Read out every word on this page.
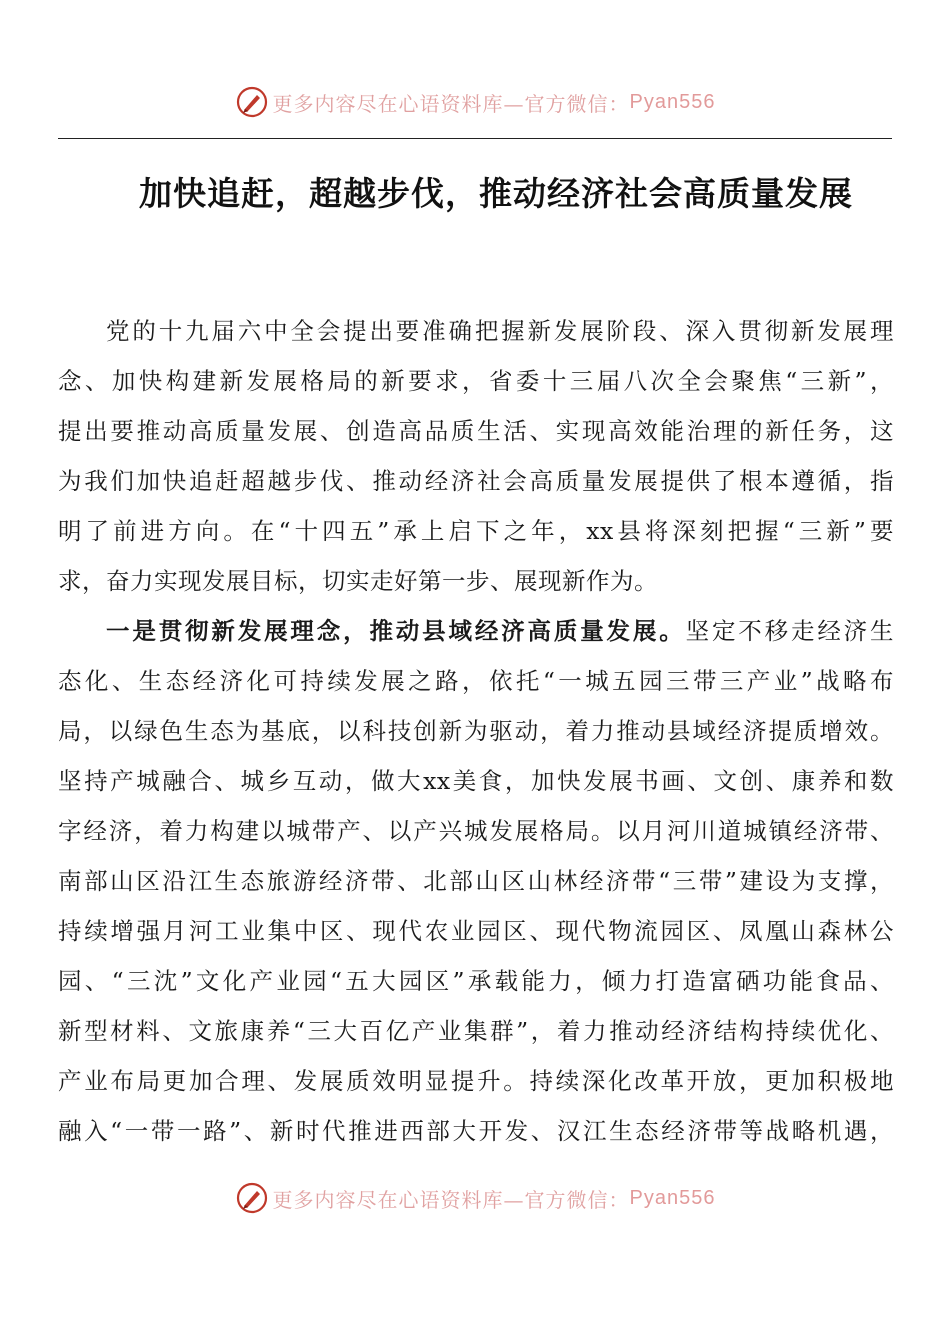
更多内容尽在心语资料库—官方微信： Pyan556
加快追赶，超越步伐，推动经济社会高质量发展
党的十九届六中全会提出要准确把握新发展阶段、深入贯彻新发展理
念、加快构建新发展格局的新要求，省委十三届八次全会聚焦“三新”，
提出要推动高质量发展、创造高品质生活、实现高效能治理的新任务，这
为我们加快追赶超越步伐、推动经济社会高质量发展提供了根本遵循，指
明了前进方向。在“十四五”承上启下之年，xx县将深刻把握“三新”要
求，奋力实现发展目标，切实走好第一步、展现新作为。
一是贯彻新发展理念，推动县域经济高质量发展。坚定不移走经济生
态化、生态经济化可持续发展之路，依托“一城五园三带三产业”战略布
局，以绿色生态为基底，以科技创新为驱动，着力推动县域经济提质增效。
坚持产城融合、城乡互动，做大xx美食，加快发展书画、文创、康养和数
字经济，着力构建以城带产、以产兴城发展格局。以月河川道城镇经济带、
南部山区沿江生态旅游经济带、北部山区山林经济带“三带”建设为支撑，
持续增强月河工业集中区、现代农业园区、现代物流园区、凤凰山森林公
园、“三沈”文化产业园“五大园区”承载能力，倾力打造富硒功能食品、
新型材料、文旅康养“三大百亿产业集群”，着力推动经济结构持续优化、
产业布局更加合理、发展质效明显提升。持续深化改革开放，更加积极地
融入“一带一路”、新时代推进西部大开发、汉江生态经济带等战略机遇，
更多内容尽在心语资料库—官方微信： Pyan556
